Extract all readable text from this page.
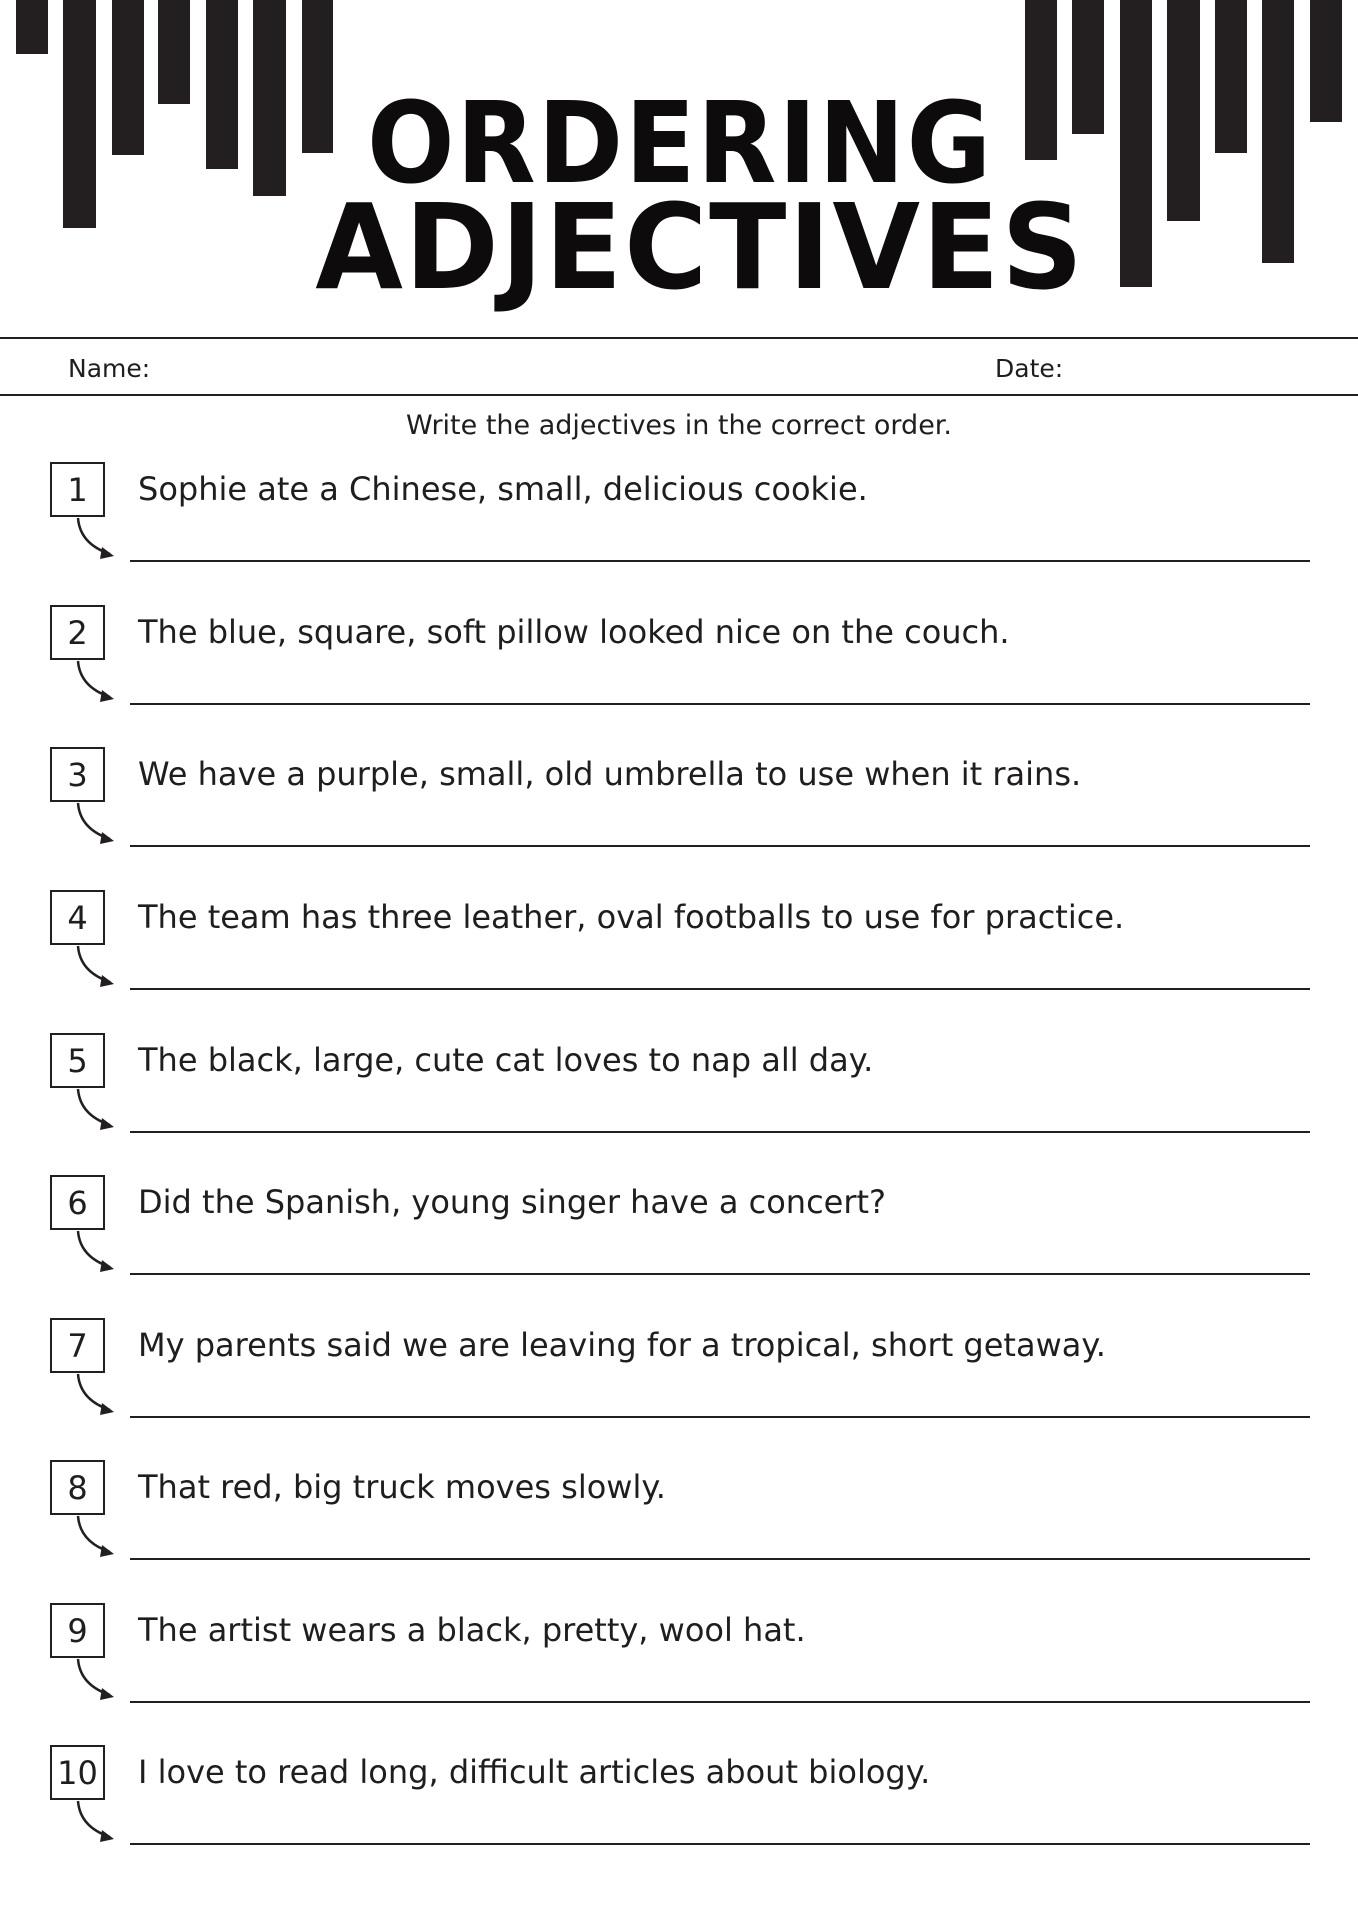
ORDERING
ADJECTIVES
Name:	Date:
Write the adjectives in the correct order.
1	Sophie ate a Chinese, small, delicious cookie.
2	The blue, square, soft pillow looked nice on the couch.
3	We have a purple, small, old umbrella to use when it rains.
4	The team has three leather, oval footballs to use for practice.
5	The black, large, cute cat loves to nap all day.
6	Did the Spanish, young singer have a concert?
7	My parents said we are leaving for a tropical, short getaway.
8	That red, big truck moves slowly.
9	The artist wears a black, pretty, wool hat.
10 I love to read long, difficult articles about biology.
